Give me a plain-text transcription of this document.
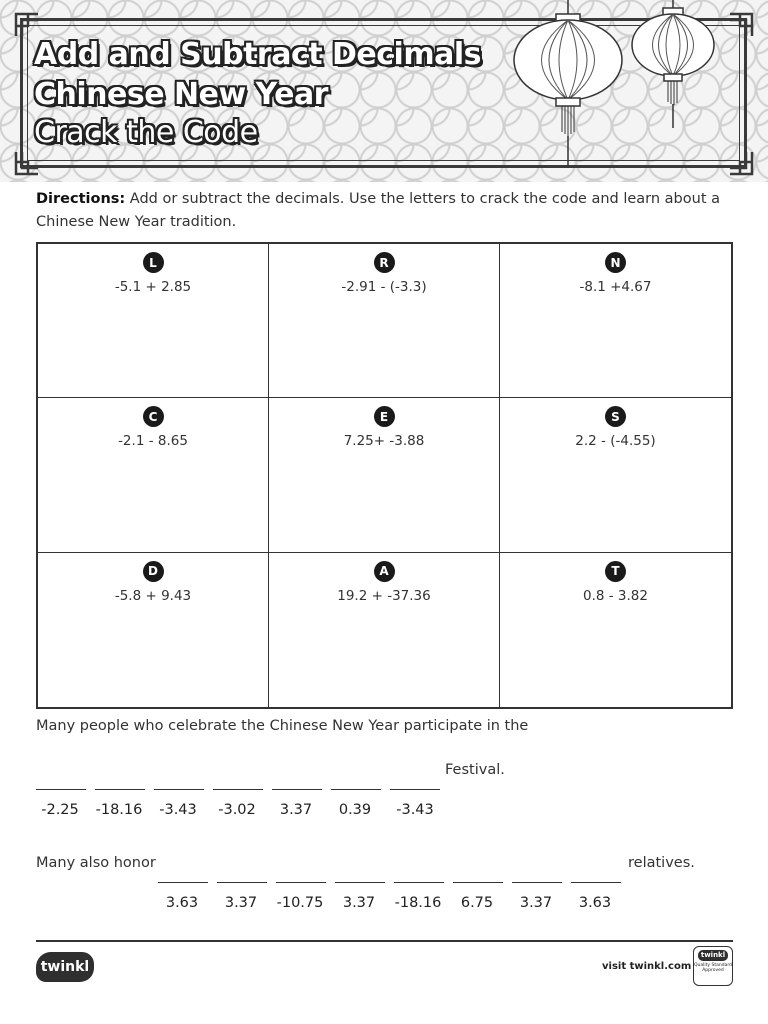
Add and Subtract Decimals
Chinese New Year
Crack the Code
Directions: Add or subtract the decimals. Use the letters to crack the code and learn about a Chinese New Year tradition.
L
-5.1 + 2.85
R
-2.91 - (-3.3)
N
-8.1 +4.67
C
-2.1 - 8.65
E
7.25+ -3.88
S
2.2 - (-4.55)
D
-5.8 + 9.43
A
19.2 + -37.36
T
0.8 - 3.82
Many people who celebrate the Chinese New Year participate in the
Festival.
-2.25	-18.16	-3.43	-3.02	3.37	0.39	-3.43
Many also honor	relatives.
3.63	3.37	-10.75	3.37	-18.16	6.75	3.37	3.63
twinkl	visit twinkl.com
twinkl
Quality Standard Approved
